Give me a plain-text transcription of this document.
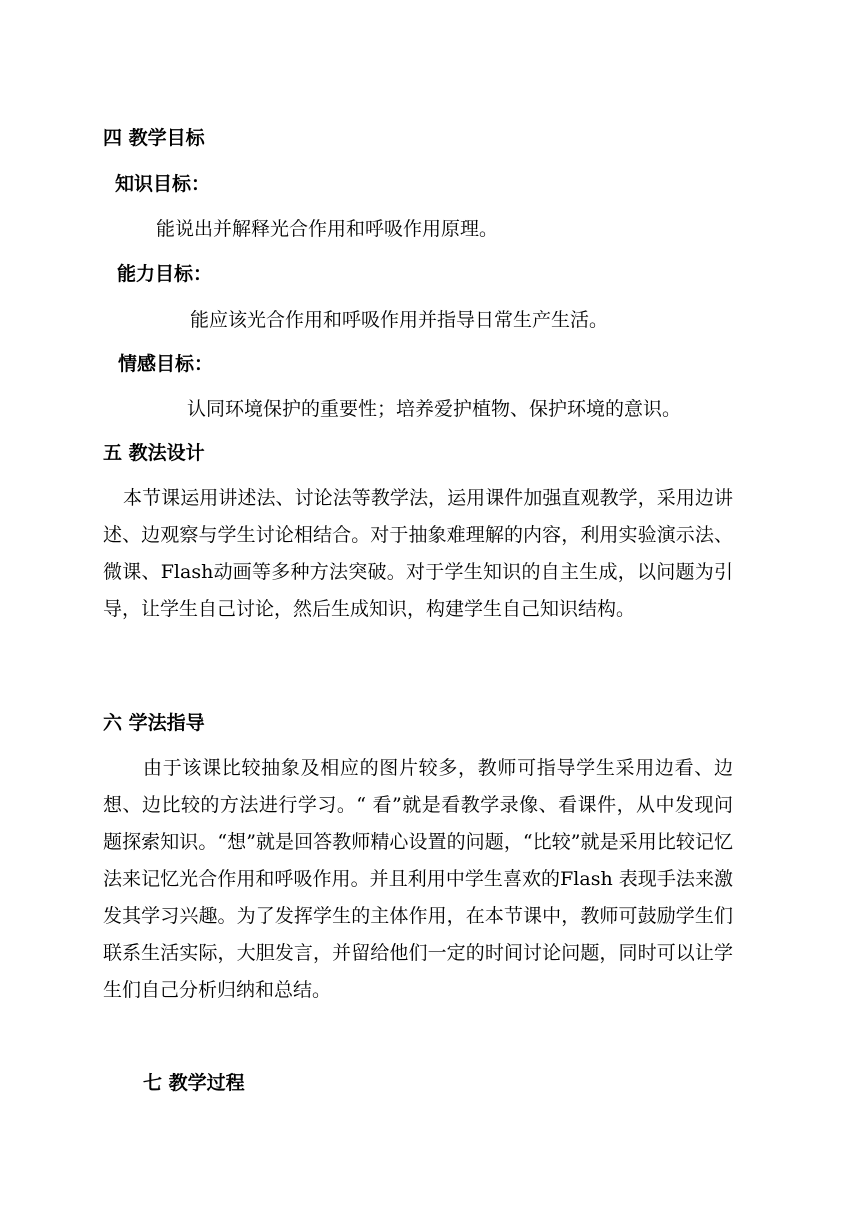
四 教学目标
知识目标：
能说出并解释光合作用和呼吸作用原理。
能力目标：
能应该光合作用和呼吸作用并指导日常生产生活。
情感目标：
认同环境保护的重要性；培养爱护植物、保护环境的意识。
五 教法设计
本节课运用讲述法、讨论法等教学法，运用课件加强直观教学，采用边讲述、边观察与学生讨论相结合。对于抽象难理解的内容，利用实验演示法、微课、Flash动画等多种方法突破。对于学生知识的自主生成，以问题为引导，让学生自己讨论，然后生成知识，构建学生自己知识结构。
六 学法指导
由于该课比较抽象及相应的图片较多，教师可指导学生采用边看、边想、边比较的方法进行学习。“ 看”就是看教学录像、看课件，从中发现问题探索知识。“想”就是回答教师精心设置的问题，“比较”就是采用比较记忆法来记忆光合作用和呼吸作用。并且利用中学生喜欢的Flash 表现手法来激发其学习兴趣。为了发挥学生的主体作用，在本节课中，教师可鼓励学生们联系生活实际，大胆发言，并留给他们一定的时间讨论问题，同时可以让学生们自己分析归纳和总结。
七 教学过程
